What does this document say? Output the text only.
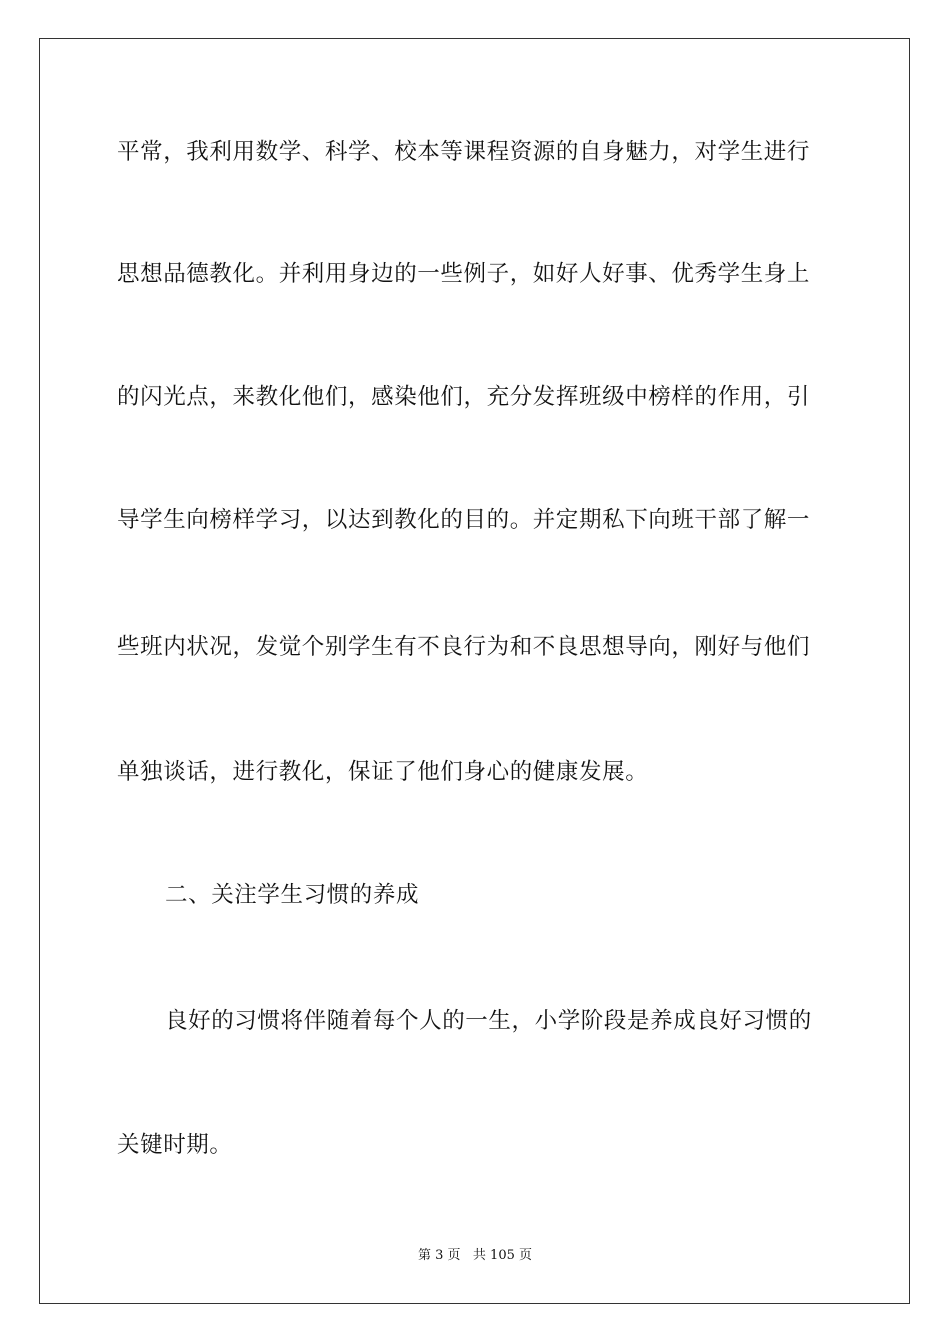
平常，我利用数学、科学、校本等课程资源的自身魅力，对学生进行
思想品德教化。并利用身边的一些例子，如好人好事、优秀学生身上
的闪光点，来教化他们，感染他们，充分发挥班级中榜样的作用，引
导学生向榜样学习，以达到教化的目的。并定期私下向班干部了解一
些班内状况，发觉个别学生有不良行为和不良思想导向，刚好与他们
单独谈话，进行教化，保证了他们身心的健康发展。
二、关注学生习惯的养成
良好的习惯将伴随着每个人的一生，小学阶段是养成良好习惯的
关键时期。
第 3 页   共 105 页
